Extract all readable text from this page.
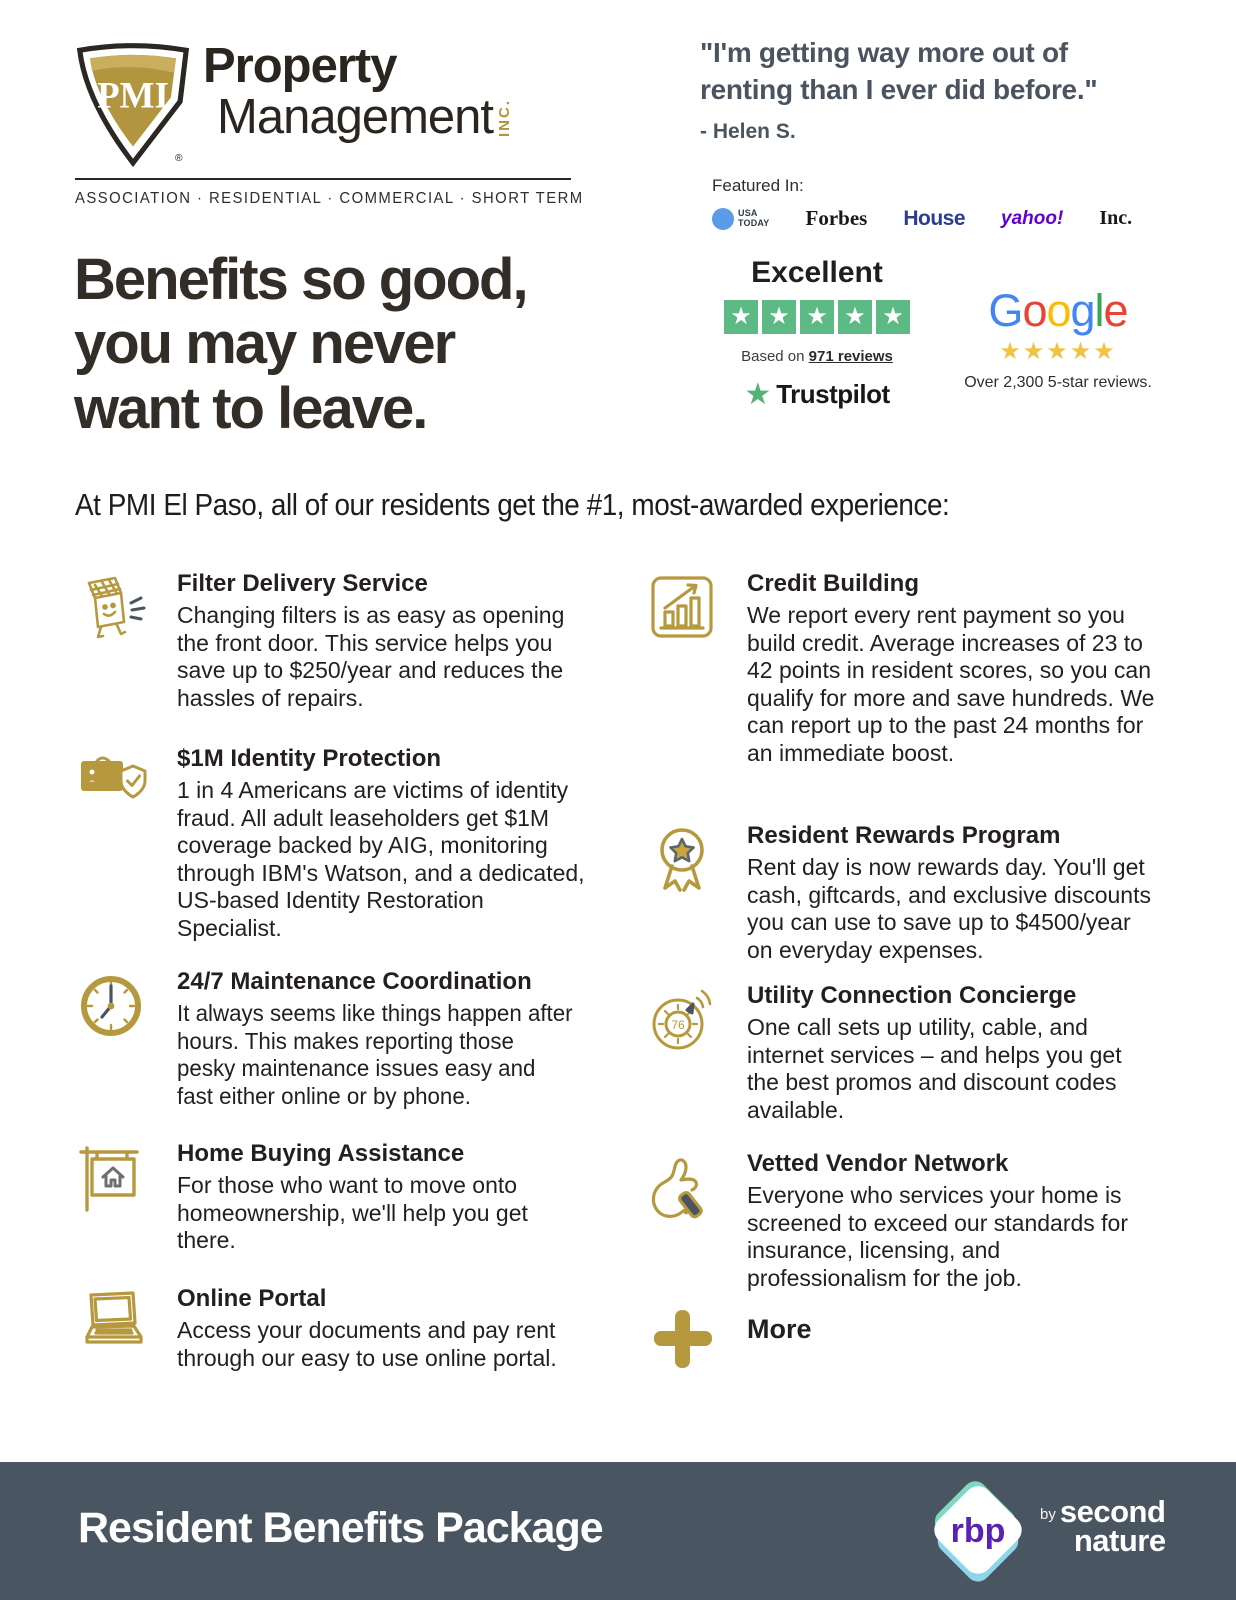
PMI
®
Property
Management INC.
ASSOCIATION · RESIDENTIAL · COMMERCIAL · SHORT TERM
"I'm getting way more out of renting than I ever did before."
- Helen S.
Featured In:
USA
TODAY Forbes House yahoo! Inc.
Excellent
★ ★ ★ ★ ★
Based on 971 reviews
★ Trustpilot
Google
★★★★★
Over 2,300 5-star reviews.
Benefits so good,
you may never
want to leave.
At PMI El Paso, all of our residents get the #1, most-awarded experience:
Filter Delivery Service
Changing filters is as easy as opening the front door. This service helps you save up to $250/year and reduces the hassles of repairs.
$1M Identity Protection
1 in 4 Americans are victims of identity fraud. All adult leaseholders get $1M coverage backed by AIG, monitoring through IBM's Watson, and a dedicated, US-based Identity Restoration Specialist.
24/7 Maintenance Coordination
It always seems like things happen after hours. This makes reporting those pesky maintenance issues easy and fast either online or by phone.
Home Buying Assistance
For those who want to move onto homeownership, we'll help you get there.
Online Portal
Access your documents and pay rent through our easy to use online portal.
Credit Building
We report every rent payment so you build credit. Average increases of 23 to 42 points in resident scores, so you can qualify for more and save hundreds. We can report up to the past 24 months for an immediate boost.
Resident Rewards Program
Rent day is now rewards day. You'll get cash, giftcards, and exclusive discounts you can use to save up to $4500/year on everyday expenses.
76
Utility Connection Concierge
One call sets up utility, cable, and internet services – and helps you get the best promos and discount codes available.
Vetted Vendor Network
Everyone who services your home is screened to exceed our standards for insurance, licensing, and professionalism for the job.
More
Resident Benefits Package	rbp	by second
nature
